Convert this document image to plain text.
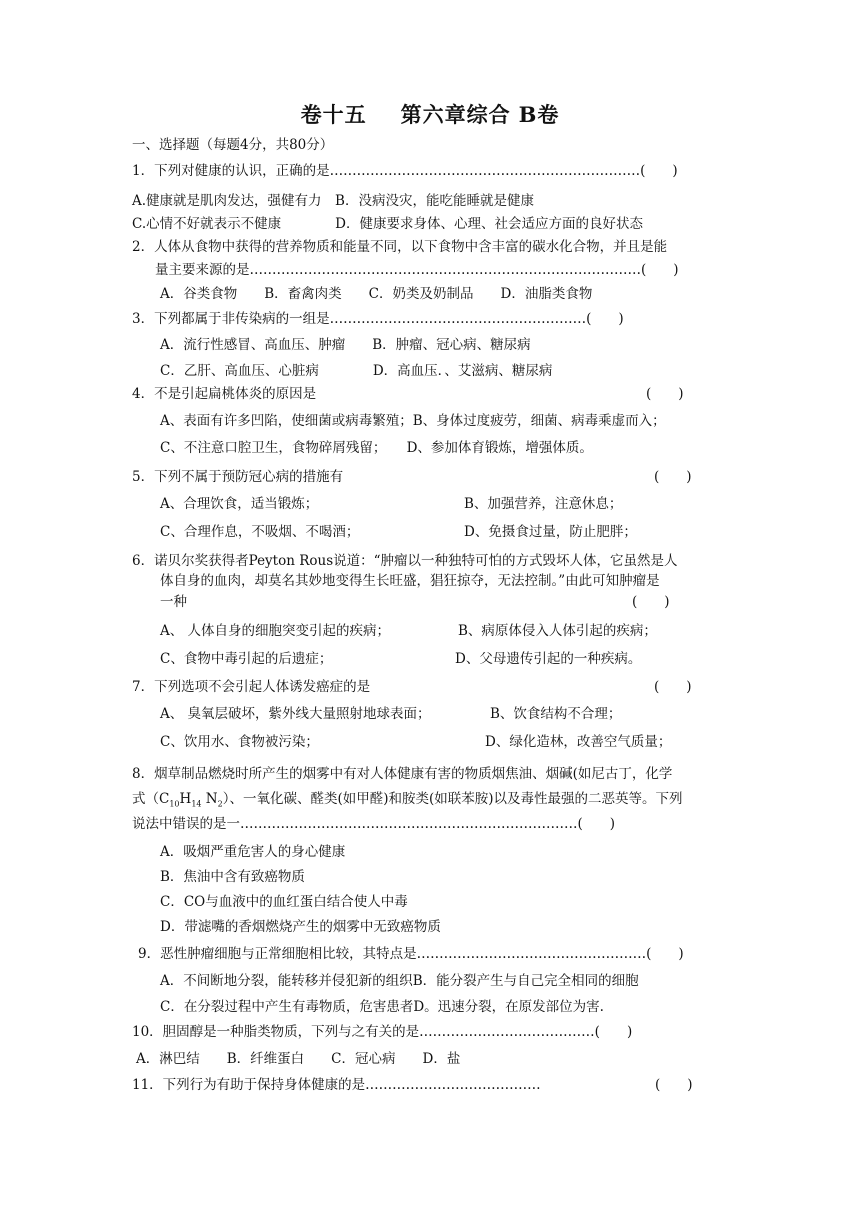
卷十五 第六章综合 B卷
一、选择题（每题4分，共80分）
1．下列对健康的认识，正确的是……………………………………………………………(　　)
A.健康就是肌肉发达，强健有力　B．没病没灾，能吃能睡就是健康
C.心情不好就表示不健康　　　　D．健康要求身体、心理、社会适应方面的良好状态
2．人体从食物中获得的营养物质和能量不同，以下食物中含丰富的碳水化合物，并且是能
量主要来源的是……………………………………………………………………………(　　)
A．谷类食物　　B．畜禽肉类　　C．奶类及奶制品　　D．油脂类食物
3．下列都属于非传染病的一组是…………………………………………………(　　)
A．流行性感冒、高血压、肿瘤　　B．肿瘤、冠心病、糖尿病
C．乙肝、高血压、心脏病　　　　D．高血压．、艾滋病、糖尿病
4．不是引起扁桃体炎的原因是	(　　)
A、表面有许多凹陷，使细菌或病毒繁殖；B、身体过度疲劳，细菌、病毒乘虚而入；
C、不注意口腔卫生，食物碎屑残留；　　D、参加体育锻炼，增强体质。
5．下列不属于预防冠心病的措施有	(　　)
A、合理饮食，适当锻炼；	B、加强营养，注意休息；
C、合理作息，不吸烟、不喝酒；	D、免摄食过量，防止肥胖；
6．诺贝尔奖获得者Peyton Rous说道：“肿瘤以一种独特可怕的方式毁坏人体，它虽然是人
体自身的血肉，却莫名其妙地变得生长旺盛，猖狂掠夺，无法控制。”由此可知肿瘤是
一种	(　　)
A、 人体自身的细胞突变引起的疾病；	B、病原体侵入人体引起的疾病；
C、食物中毒引起的后遗症；	D、父母遗传引起的一种疾病。
7．下列选项不会引起人体诱发癌症的是	(　　)
A、 臭氧层破坏，紫外线大量照射地球表面；	B、饮食结构不合理；
C、饮用水、食物被污染；	D、绿化造林，改善空气质量；
8．烟草制品燃烧时所产生的烟雾中有对人体健康有害的物质烟焦油、烟碱(如尼古丁，化学
式（$C_{10}H_{14}$ $N_2$）、一氧化碳、醛类(如甲醛)和胺类(如联苯胺)以及毒性最强的二恶英等。下列
说法中错误的是一…………………………………………………………………(　　)
A．吸烟严重危害人的身心健康
B．焦油中含有致癌物质
C．CO与血液中的血红蛋白结合使人中毒
D．带滤嘴的香烟燃烧产生的烟雾中无致癌物质
9．恶性肿瘤细胞与正常细胞相比较，其特点是……………………………………………(　　)
A．不间断地分裂，能转移并侵犯新的组织B．能分裂产生与自己完全相同的细胞
C．在分裂过程中产生有毒物质，危害患者D。迅速分裂，在原发部位为害.
10．胆固醇是一种脂类物质，下列与之有关的是…………………………………(　　)
A．淋巴结　　B．纤维蛋白　　C．冠心病　　D．盐
11．下列行为有助于保持身体健康的是…………………………………	(　　)
